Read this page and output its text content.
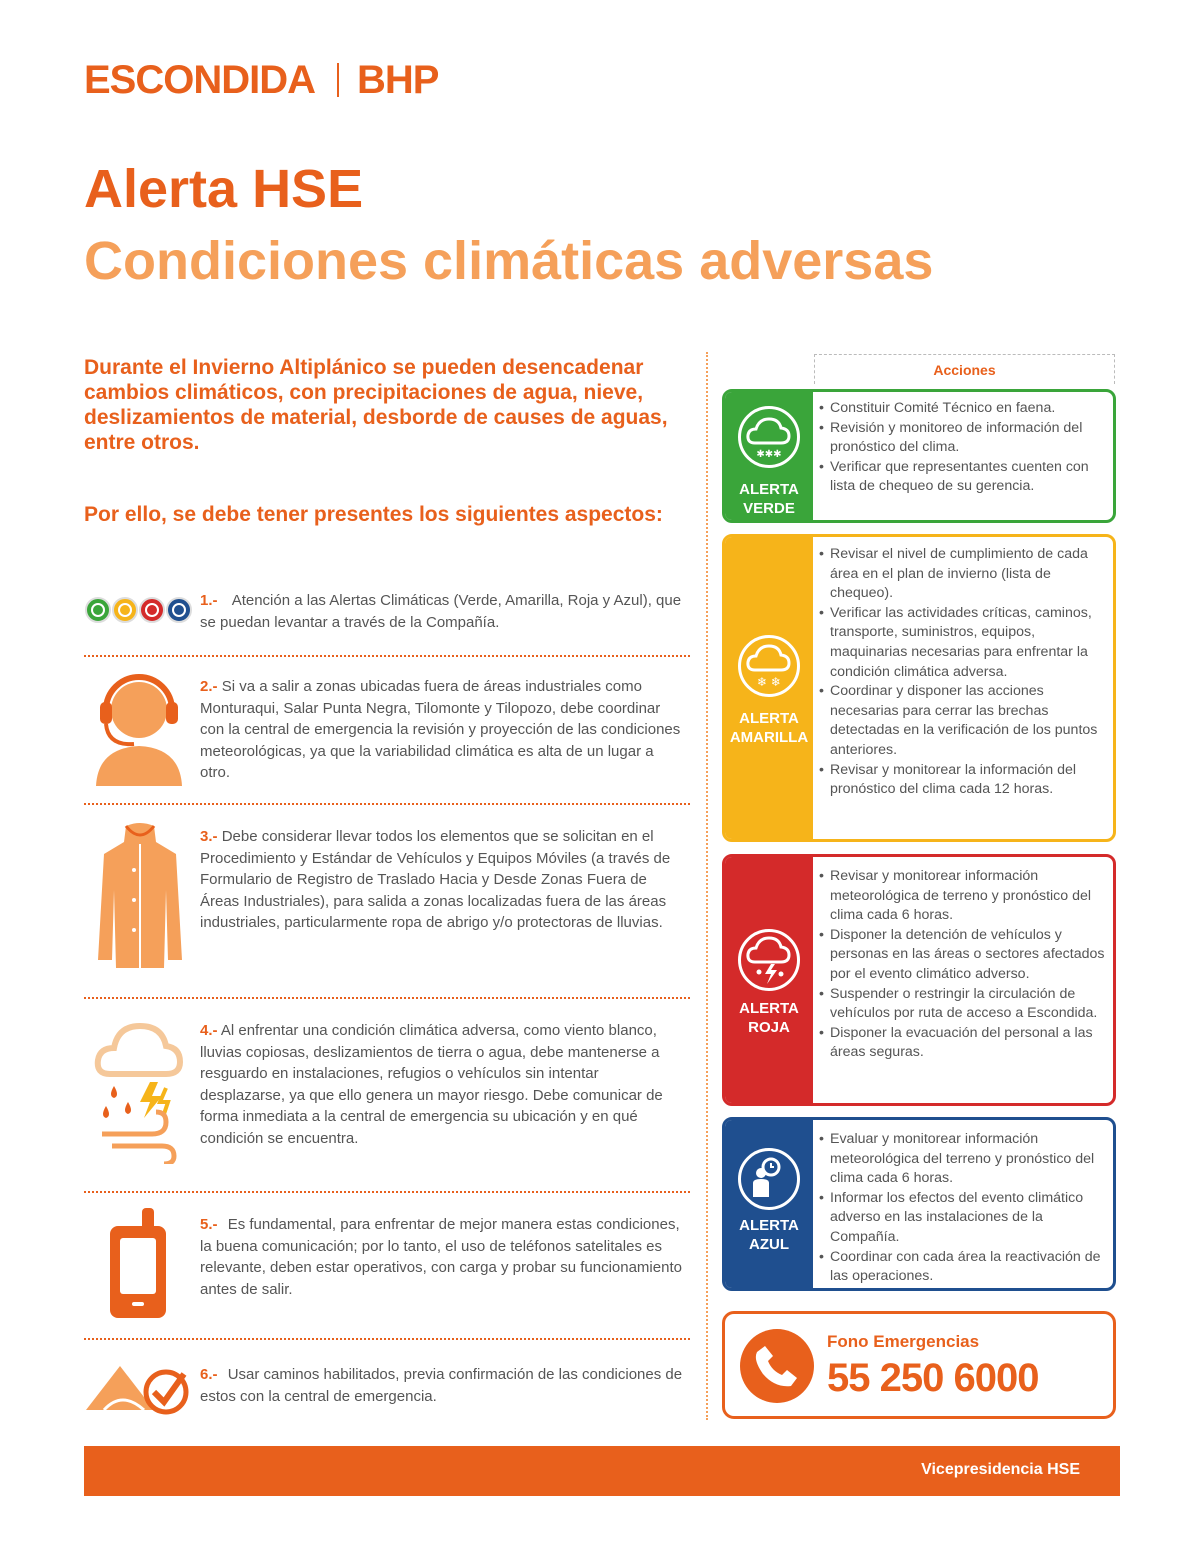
ESCONDIDA BHP
Alerta HSE
Condiciones climáticas adversas
Durante el Invierno Altiplánico se pueden desencadenar cambios climáticos, con precipitaciones de agua, nieve, deslizamientos de material, desborde de causes de aguas, entre otros.
Por ello, se debe tener presentes los siguientes aspectos:
1.- Atención a las Alertas Climáticas (Verde, Amarilla, Roja y Azul), que se puedan levantar a través de la Compañía.
2.- Si va a salir a zonas ubicadas fuera de áreas industriales como Monturaqui, Salar Punta Negra, Tilomonte y Tilopozo, debe coordinar con la central de emergencia la revisión y proyección de las condiciones meteorológicas, ya que la variabilidad climática es alta de un lugar a otro.
3.- Debe considerar llevar todos los elementos que se solicitan en el Procedimiento y Estándar de Vehículos y Equipos Móviles (a través de Formulario de Registro de Traslado Hacia y Desde Zonas Fuera de Áreas Industriales), para salida a zonas localizadas fuera de las áreas industriales, particularmente ropa de abrigo y/o protectoras de lluvias.
4.- Al enfrentar una condición climática adversa, como viento blanco, lluvias copiosas, deslizamientos de tierra o agua, debe mantenerse a resguardo en instalaciones, refugios o vehículos sin intentar desplazarse, ya que ello genera un mayor riesgo. Debe comunicar de forma inmediata a la central de emergencia su ubicación y en qué condición se encuentra.
5.- Es fundamental, para enfrentar de mejor manera estas condiciones, la buena comunicación; por lo tanto, el uso de teléfonos satelitales es relevante, deben estar operativos, con carga y probar su funcionamiento antes de salir.
6.- Usar caminos habilitados, previa confirmación de las condiciones de estos con la central de emergencia.
Acciones
✱✱✱
ALERTA
VERDE
• Constituir Comité Técnico en faena.
• Revisión y monitoreo de información del pronóstico del clima.
• Verificar que representantes cuenten con lista de chequeo de su gerencia.
❄ ❄
ALERTA
AMARILLA
• Revisar el nivel de cumplimiento de cada área en el plan de invierno (lista de chequeo).
• Verificar las actividades críticas, caminos, transporte, suministros, equipos, maquinarias necesarias para enfrentar la condición climática adversa.
• Coordinar y disponer las acciones necesarias para cerrar las brechas detectadas en la verificación de los puntos anteriores.
• Revisar y monitorear la información del pronóstico del clima cada 12 horas.
ALERTA
ROJA
• Revisar y monitorear información meteorológica de terreno y pronóstico del clima cada 6 horas.
• Disponer la detención de vehículos y personas en las áreas o sectores afectados por el evento climático adverso.
• Suspender o restringir la circulación de vehículos por ruta de acceso a Escondida.
• Disponer la evacuación del personal a las áreas seguras.
ALERTA
AZUL
• Evaluar y monitorear información meteorológica del terreno y pronóstico del clima cada 6 horas.
• Informar los efectos del evento climático adverso en las instalaciones de la Compañía.
• Coordinar con cada área la reactivación de las operaciones.
Fono Emergencias
55 250 6000
Vicepresidencia HSE
